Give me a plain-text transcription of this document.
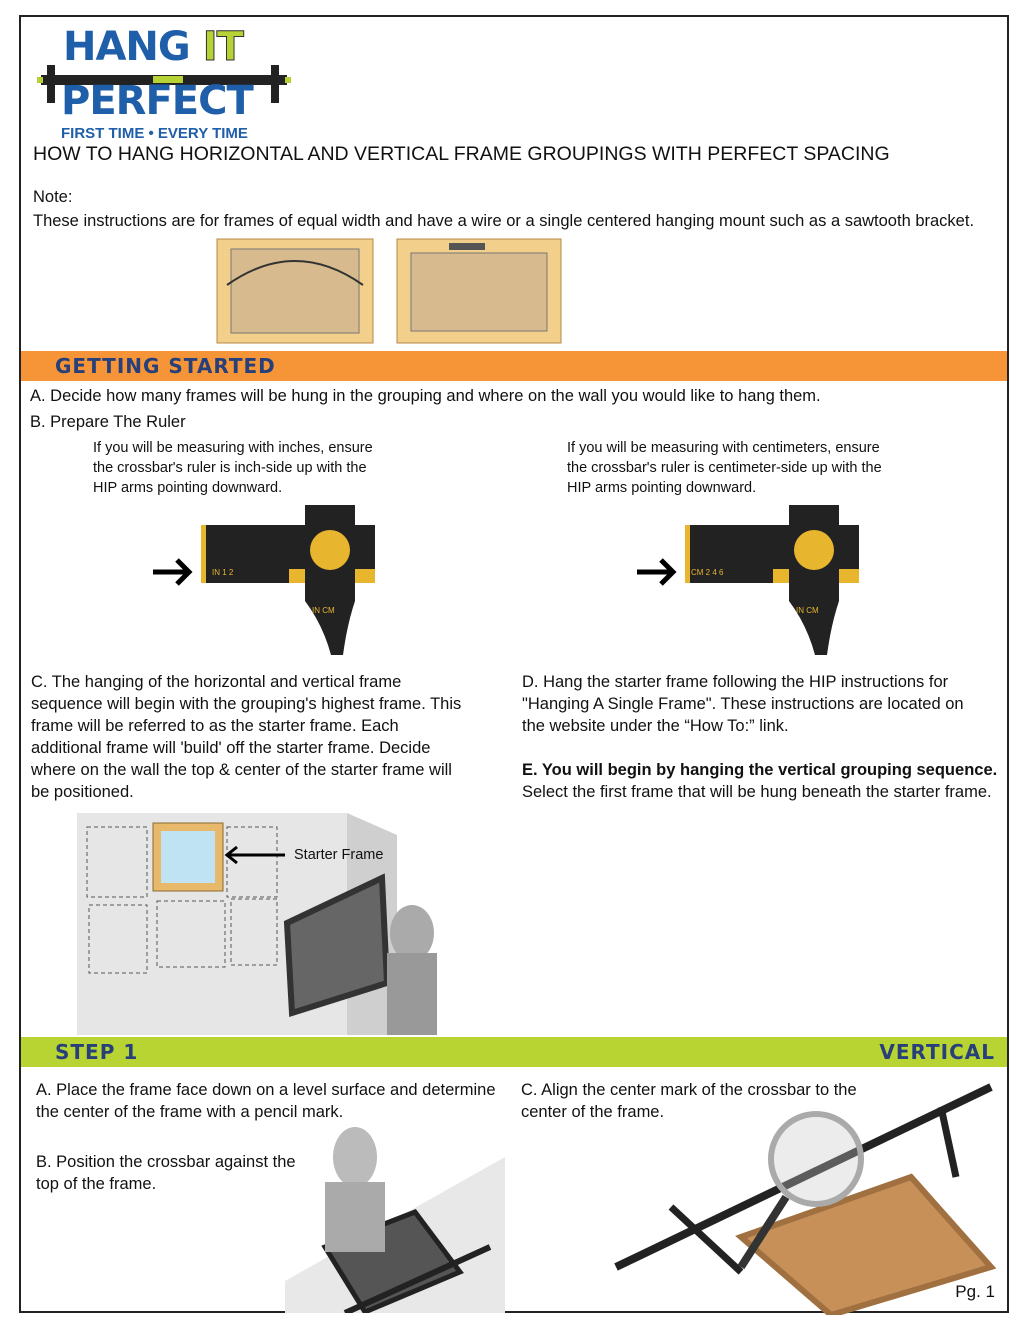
HANG IT
PERFECT
FIRST TIME • EVERY TIME
HOW TO HANG HORIZONTAL AND VERTICAL FRAME GROUPINGS WITH PERFECT SPACING
Note:
These instructions are for frames of equal width and have a wire or a single centered hanging mount such as a sawtooth bracket.
GETTING STARTED
A. Decide how many frames will be hung in the grouping and where on the wall you would like to hang them.
B. Prepare The Ruler
If you will be measuring with inches, ensure the crossbar's ruler is inch-side up with the HIP arms pointing downward.
If you will be measuring with centimeters, ensure the crossbar's ruler is centimeter-side up with the HIP arms pointing downward.
IN 1 2
IN CM
CM 2 4 6
IN CM
C. The hanging of the horizontal and vertical frame sequence will begin with the grouping's highest frame. This frame will be referred to as the starter frame. Each additional frame will 'build' off the starter frame. Decide where on the wall the top & center of the starter frame will be positioned.
D. Hang the starter frame following the HIP instructions for "Hanging A Single Frame". These instructions are located on the website under the “How To:” link.
E. You will begin by hanging the vertical grouping sequence. Select the first frame that will be hung beneath the starter frame.
Starter Frame
STEP 1	VERTICAL
A. Place the frame face down on a level surface and determine the center of the frame with a pencil mark.
B. Position the crossbar against the top of the frame.
C. Align the center mark of the crossbar to the center of the frame.
Pg. 1
